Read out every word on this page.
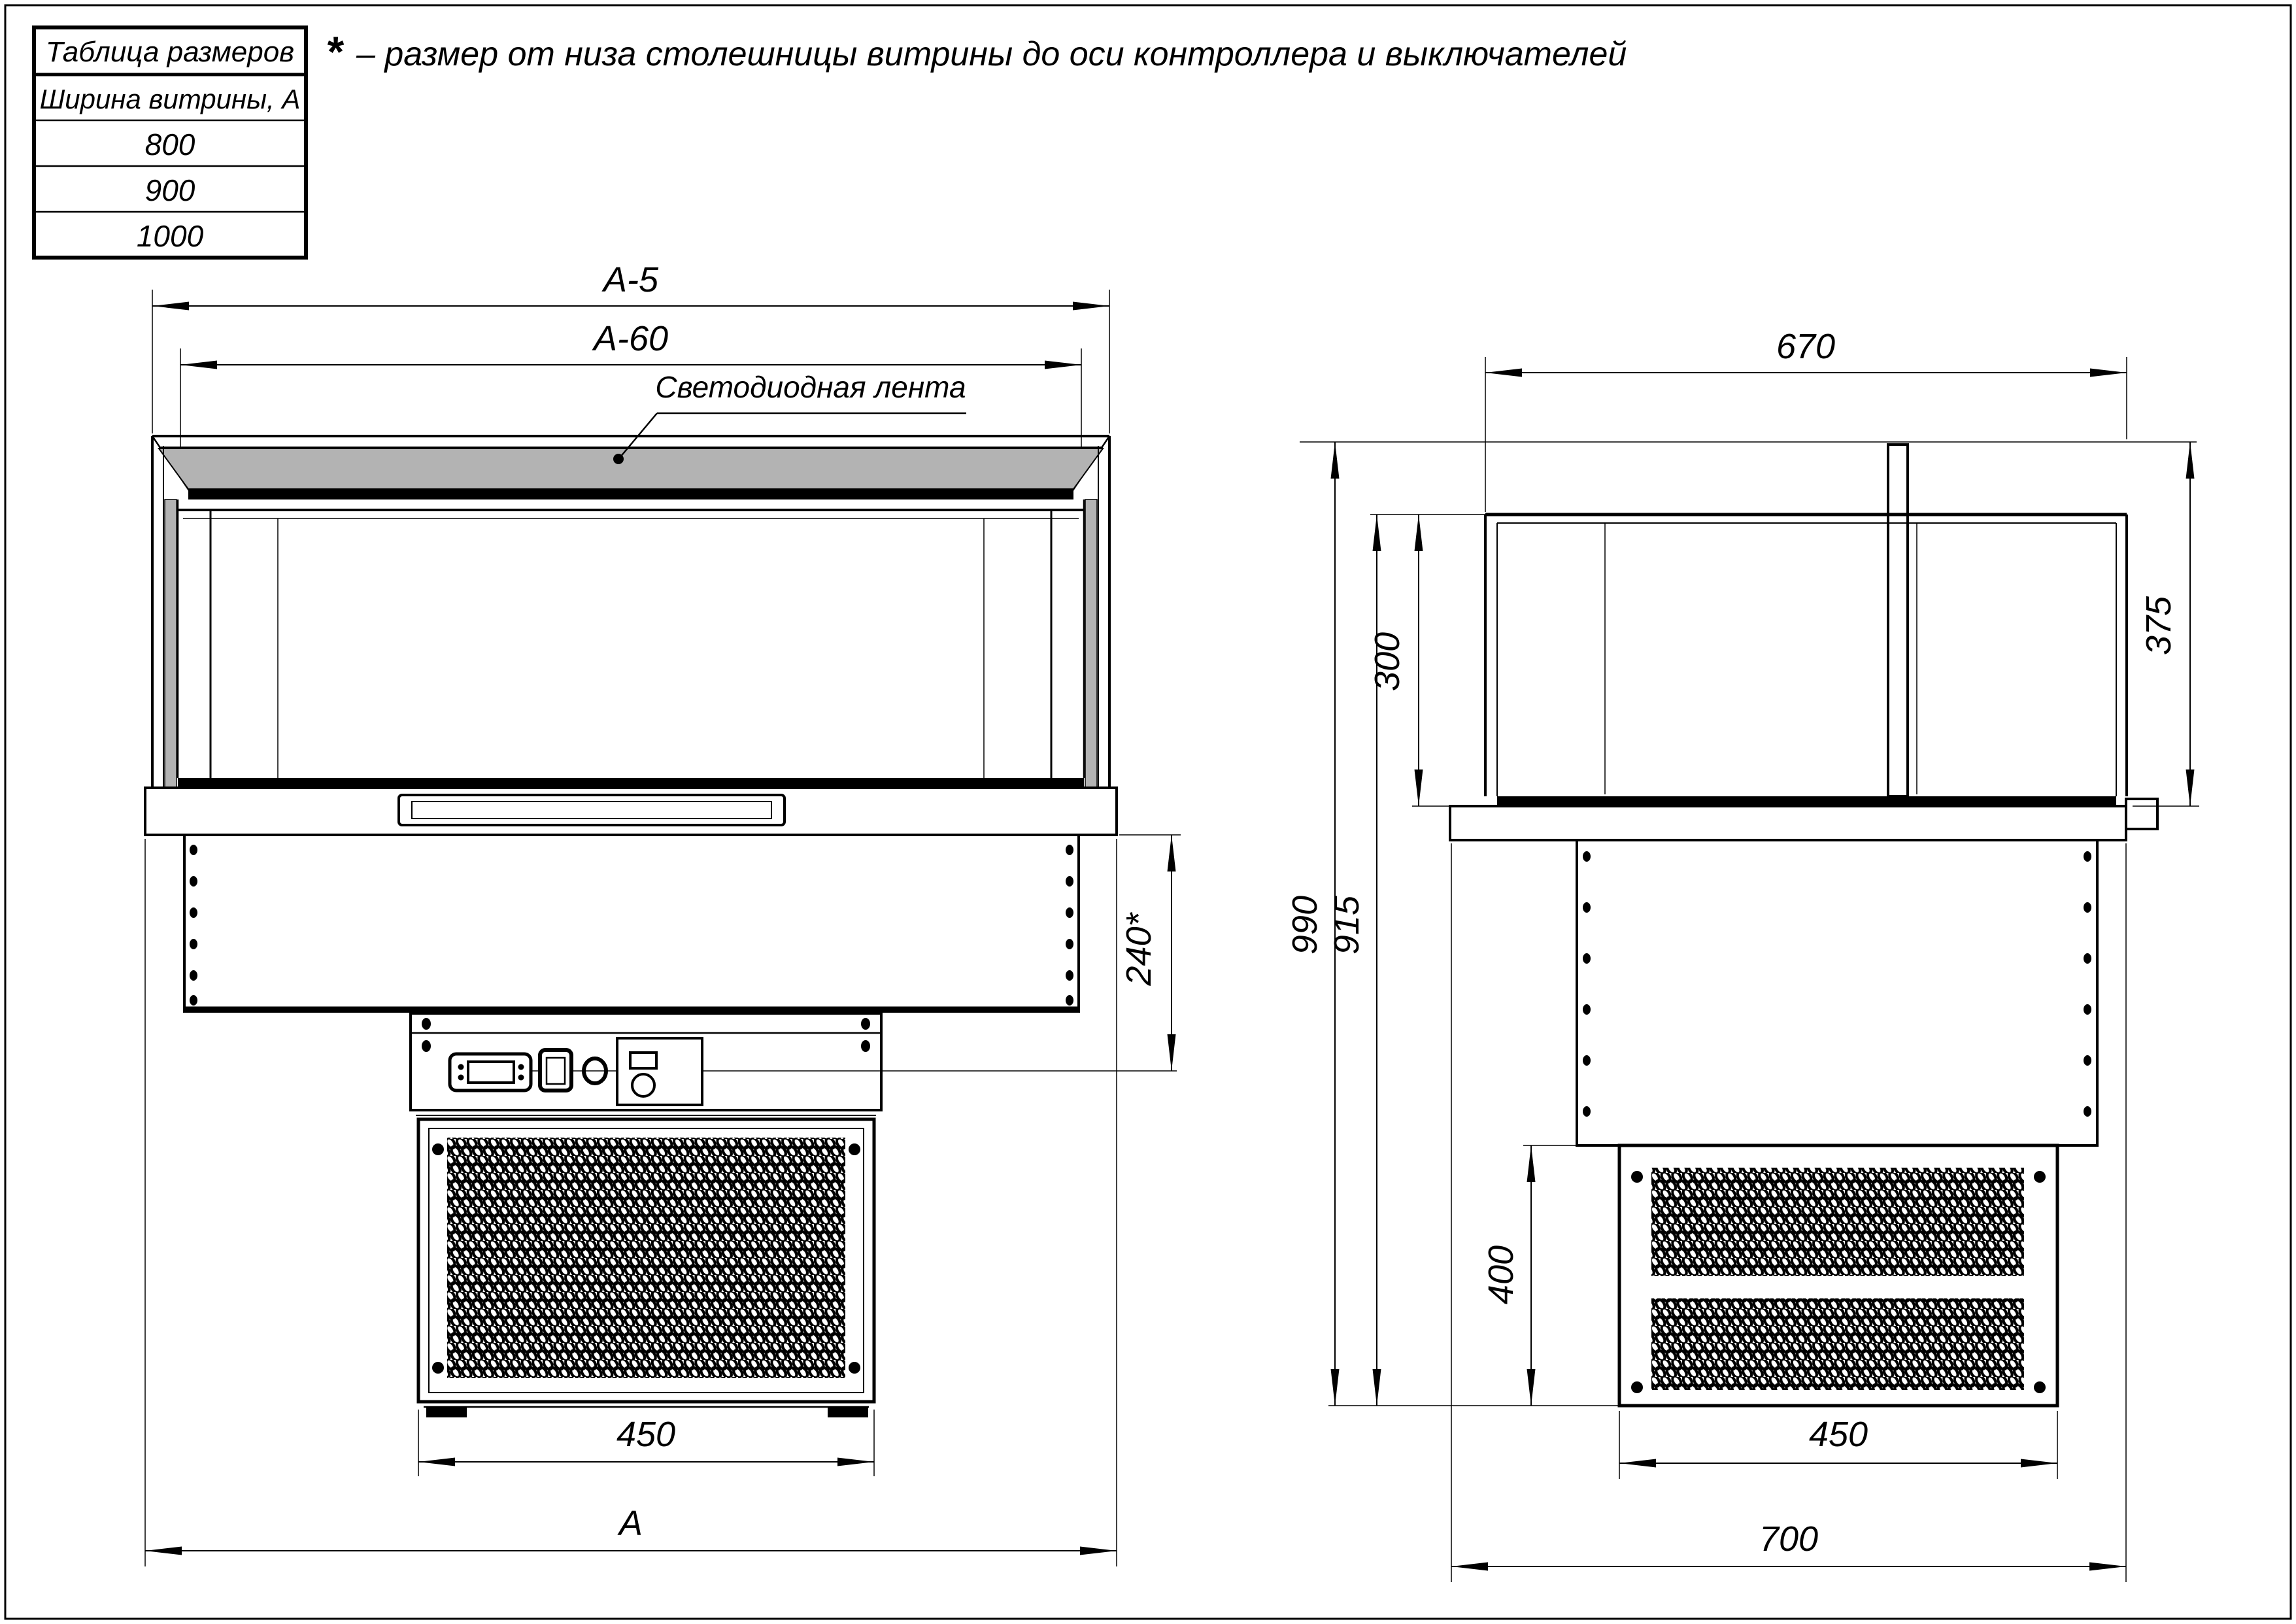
Таблица размеров
Ширина витрины, А
800
900
1000
* – размер от низа столешницы витрины до оси контроллера и выключателей
А-5
А-60
Светодиодная лента
240*
450
А
670
300
375
990 915
400
450
700
